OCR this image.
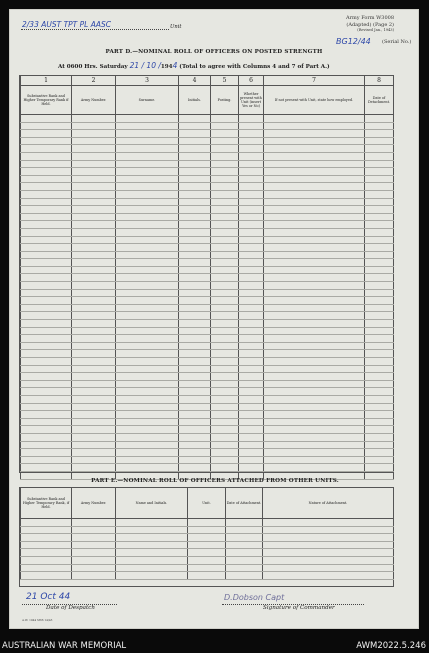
2/33 AUST TPT PL AASC	Unit
Army Form W3008
(Adapted) (Page 2)
(Revised Jan., 1943)
BG12/44 (Serial No.)
PART D.—NOMINAL ROLL OF OFFICERS ON POSTED STRENGTH
At 0600 Hrs. Saturday 21 / 10 /1944 (Total to agree with Columns 4 and 7 of Part A.)
1	2	3	4	5	6	7	8
Substantive Rank and Higher Temporary Rank if Held.	Army Number.	Surname.	Initials.	Posting.	Whether present with Unit (insert Yes or No)	If not present with Unit, state how employed.	Date of Detachment.

PART E.—NOMINAL ROLL OF OFFICERS ATTACHED FROM OTHER UNITS.
Substantive Rank and Higher Temporary Rank, if Held.	Army Number.	Name and Initials.	Unit.	Date of Attachment.	Nature of Attachment.

21 Oct 44
Date of Despatch
D.Dobson Capt
Signature of Commander
A.W. 1944 M66 14/43
AUSTRALIAN WAR MEMORIAL	AWM2022.5.246
